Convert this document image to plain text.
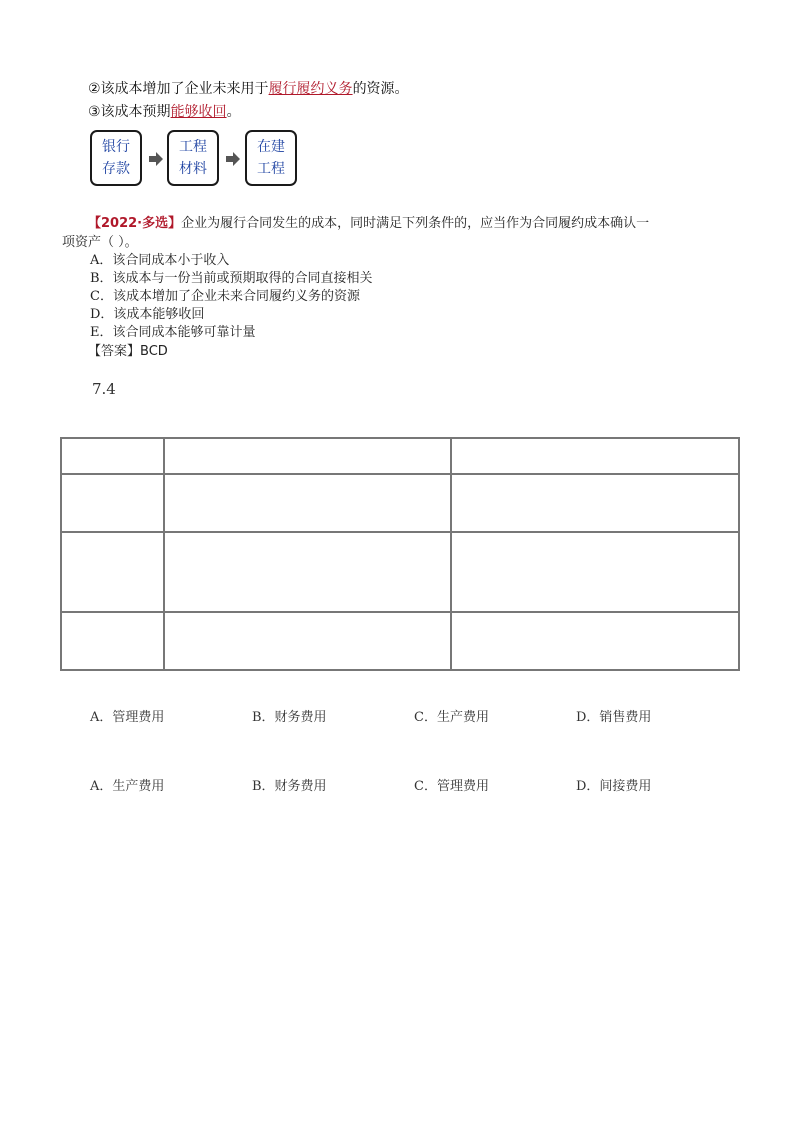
②该成本增加了企业未来用于履行履约义务的资源。
③该成本预期能够收回。
银行
存款
工程
材料
在建
工程
【2022·多选】企业为履行合同发生的成本，同时满足下列条件的，应当作为合同履约成本确认一
项资产（ ）。
A．该合同成本小于收入
B．该成本与一份当前或预期取得的合同直接相关
C．该成本增加了企业未来合同履约义务的资源
D．该成本能够收回
E．该合同成本能够可靠计量
【答案】BCD
7.4

A．管理费用	B．财务费用	C．生产费用	D．销售费用
A．生产费用	B．财务费用	C．管理费用	D．间接费用
